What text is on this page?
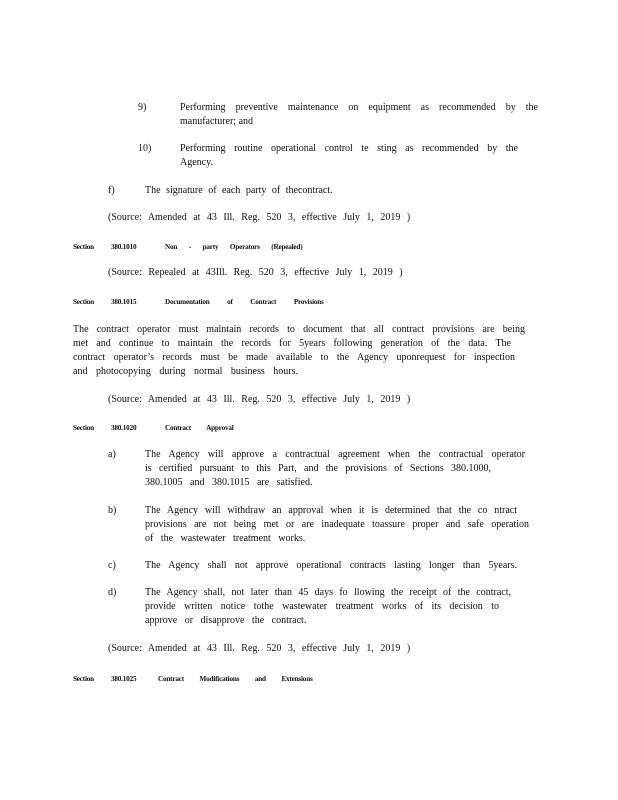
9)	Performing preventive maintenance on equipment as recommended by the
manufacturer; and
10)	Performing routine operational control te sting as recommended by the
Agency.
f)	The signature of each party of thecontract.
(Source: Amended at 43 Ill. Reg. 520 3, effective July 1, 2019 )
Section 380.1010	Non - party Operators (Repealed)
(Source: Repealed at 43Ill. Reg. 520 3, effective July 1, 2019 )
Section 380.1015	Documentation of Contract Provisions
The contract operator must maintain records to document that all contract provisions are being
met and continue to maintain the records for 5years following generation of the data. The
contract operator’s records must be made available to the Agency uponrequest for inspection
and photocopying during normal business hours.
(Source: Amended at 43 Ill. Reg. 520 3, effective July 1, 2019 )
Section 380.1020	Contract Approval
a)	The Agency will approve a contractual agreement when the contractual operator
is certified pursuant to this Part, and the provisions of Sections 380.1000,
380.1005 and 380.1015 are satisfied.
b)	The Agency will withdraw an approval when it is determined that the co ntract
provisions are not being met or are inadequate toassure proper and safe operation
of the wastewater treatment works.
c)	The Agency shall not approve operational contracts lasting longer than 5years.
d)	The Agency shall, not later than 45 days fo llowing the receipt of the contract,
provide written notice tothe wastewater treatment works of its decision to
approve or disapprove the contract.
(Source: Amended at 43 Ill. Reg. 520 3, effective July 1, 2019 )
Section 380.1025	Contract Modifications and Extensions
